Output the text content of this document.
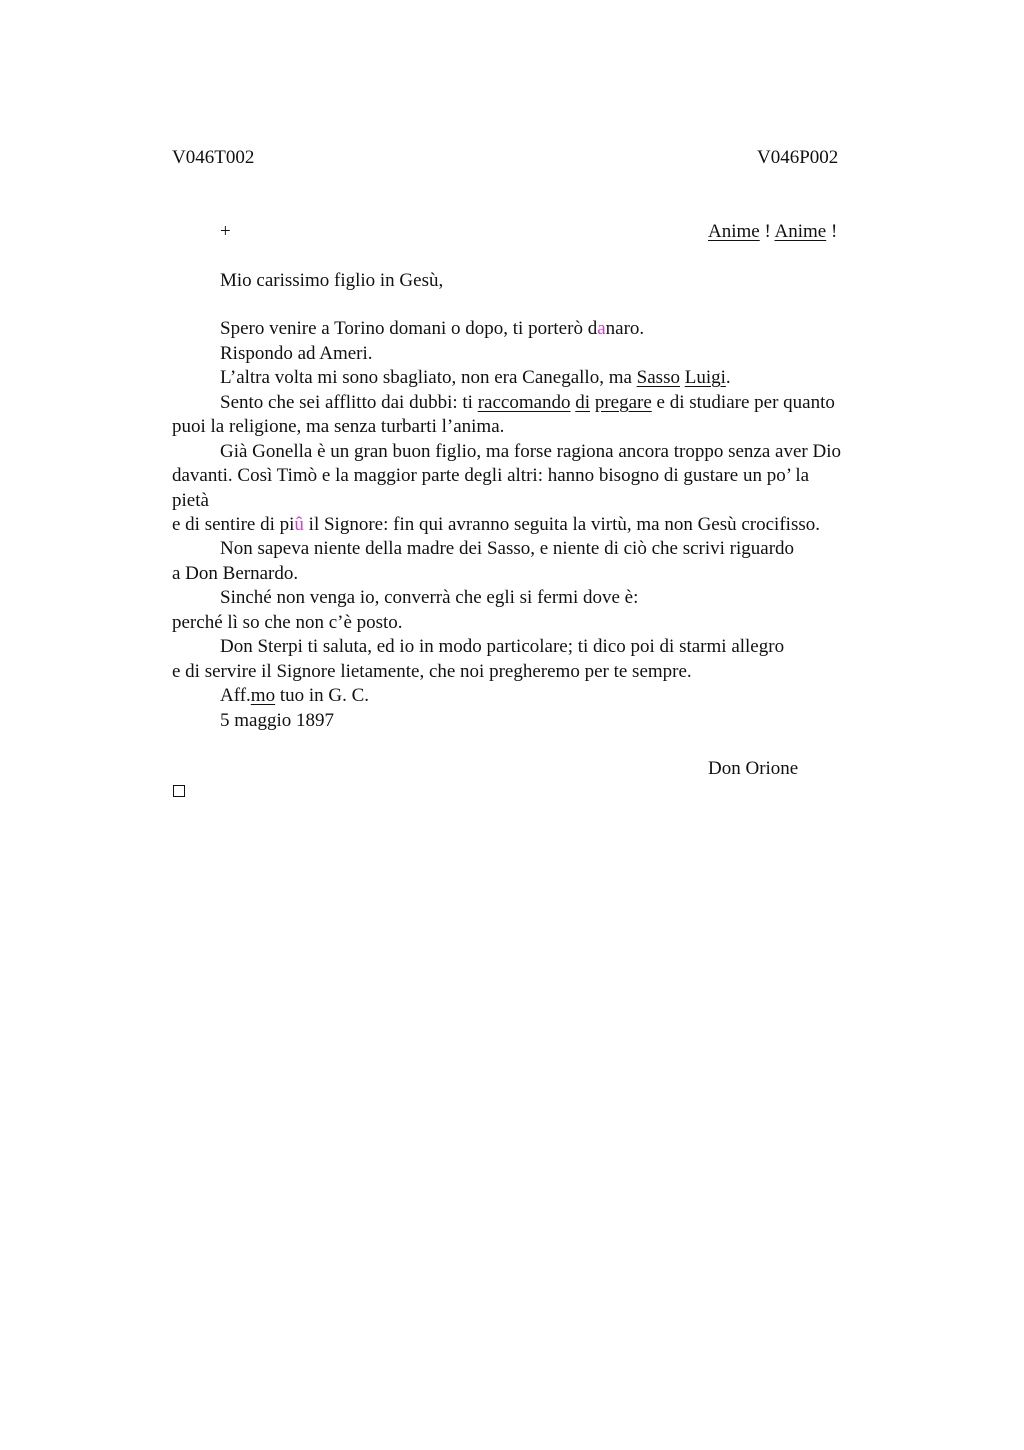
V046T002	V046P002
+	Anime ! Anime !
Mio carissimo figlio in Gesù,
Spero venire a Torino domani o dopo, ti porterò danaro.
Rispondo ad Ameri.
L’altra volta mi sono sbagliato, non era Canegallo, ma Sasso Luigi.
Sento che sei afflitto dai dubbi: ti raccomando di pregare e di studiare per quanto
puoi la religione, ma senza turbarti l’anima.
Già Gonella è un gran buon figlio, ma forse ragiona ancora troppo senza aver Dio
davanti. Così Timò e la maggior parte degli altri: hanno bisogno di gustare un po’ la
pietà
e di sentire di piû il Signore: fin qui avranno seguita la virtù, ma non Gesù crocifisso.
Non sapeva niente della madre dei Sasso, e niente di ciò che scrivi riguardo
a Don Bernardo.
Sinché non venga io, converrà che egli si fermi dove è:
perché lì so che non c’è posto.
Don Sterpi ti saluta, ed io in modo particolare; ti dico poi di starmi allegro
e di servire il Signore lietamente, che noi pregheremo per te sempre.
Aff.mo tuo in G. C.
5 maggio 1897
Don Orione
